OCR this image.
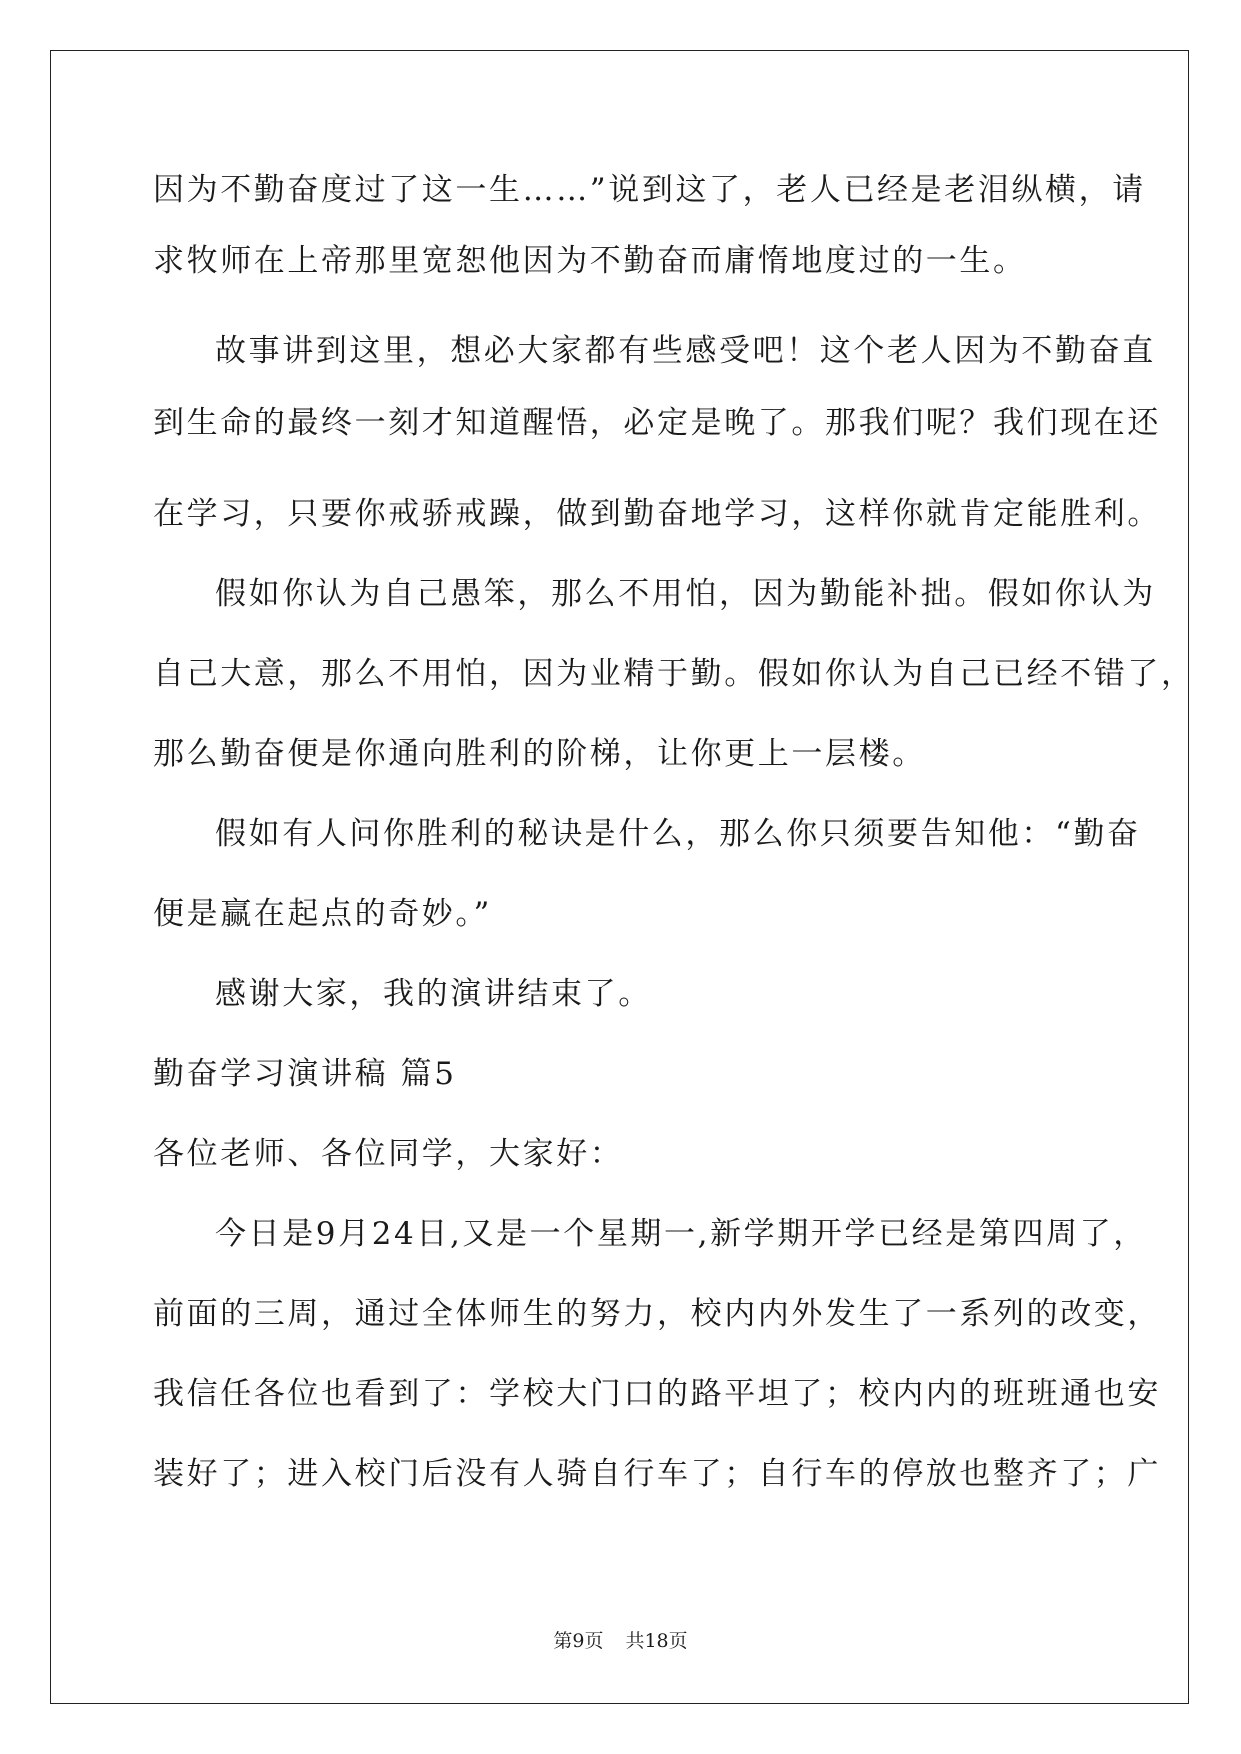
因为不勤奋度过了这一生……”说到这了，老人已经是老泪纵横，请
求牧师在上帝那里宽恕他因为不勤奋而庸惰地度过的一生。
故事讲到这里，想必大家都有些感受吧！这个老人因为不勤奋直
到生命的最终一刻才知道醒悟，必定是晚了。那我们呢？我们现在还
在学习，只要你戒骄戒躁，做到勤奋地学习，这样你就肯定能胜利。
假如你认为自己愚笨，那么不用怕，因为勤能补拙。假如你认为
自己大意，那么不用怕，因为业精于勤。假如你认为自己已经不错了，
那么勤奋便是你通向胜利的阶梯，让你更上一层楼。
假如有人问你胜利的秘诀是什么，那么你只须要告知他：“勤奋
便是赢在起点的奇妙。”
感谢大家，我的演讲结束了。
勤奋学习演讲稿 篇5
各位老师、各位同学，大家好：
今日是9月24日,又是一个星期一,新学期开学已经是第四周了，
前面的三周，通过全体师生的努力，校内内外发生了一系列的改变，
我信任各位也看到了：学校大门口的路平坦了；校内内的班班通也安
装好了；进入校门后没有人骑自行车了；自行车的停放也整齐了；广
第9页 共18页
